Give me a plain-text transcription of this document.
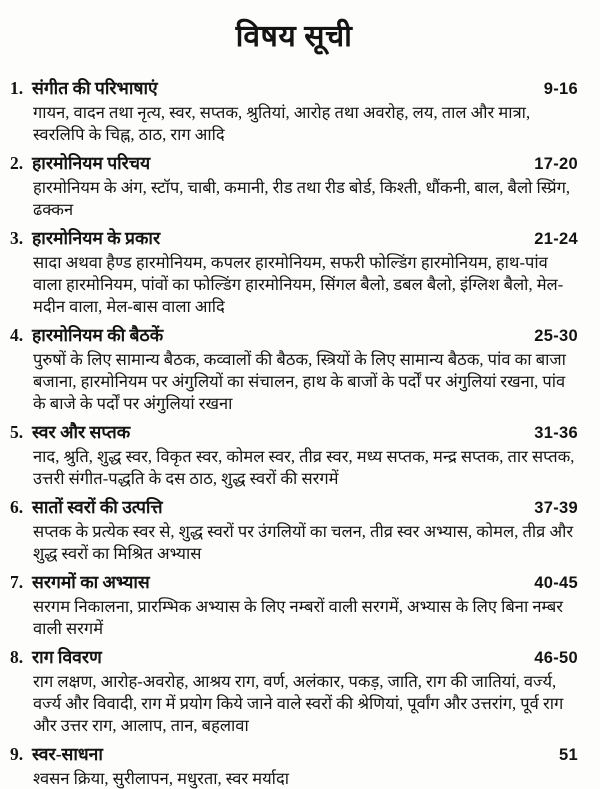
विषय सूची
1. संगीत की परिभाषाएं	9-16

गायन, वादन तथा नृत्य, स्वर, सप्तक, श्रुतियां, आरोह तथा अवरोह, लय, ताल और मात्रा, स्वरलिपि के चिह्न, ठाठ, राग आदि

2. हारमोनियम परिचय	17-20

हारमोनियम के अंग, स्टॉप, चाबी, कमानी, रीड तथा रीड बोर्ड, किश्ती, धौंकनी, बाल, बैलो स्प्रिंग, ढक्कन

3. हारमोनियम के प्रकार	21-24

सादा अथवा हैण्ड हारमोनियम, कपलर हारमोनियम, सफरी फोल्डिंग हारमोनियम, हाथ-पांव वाला हारमोनियम, पांवों का फोल्डिंग हारमोनियम, सिंगल बैलो, डबल बैलो, इंग्लिश बैलो, मेल-मदीन वाला, मेल-बास वाला आदि

4. हारमोनियम की बैठकें	25-30

पुरुषों के लिए सामान्य बैठक, कव्वालों की बैठक, स्त्रियों के लिए सामान्य बैठक, पांव का बाजा बजाना, हारमोनियम पर अंगुलियों का संचालन, हाथ के बाजों के पर्दों पर अंगुलियां रखना, पांव के बाजे के पर्दों पर अंगुलियां रखना

5. स्वर और सप्तक	31-36

नाद, श्रुति, शुद्ध स्वर, विकृत स्वर, कोमल स्वर, तीव्र स्वर, मध्य सप्तक, मन्द्र सप्तक, तार सप्तक, उत्तरी संगीत-पद्धति के दस ठाठ, शुद्ध स्वरों की सरगमें

6. सातों स्वरों की उत्पत्ति	37-39

सप्तक के प्रत्येक स्वर से, शुद्ध स्वरों पर उंगलियों का चलन, तीव्र स्वर अभ्यास, कोमल, तीव्र और शुद्ध स्वरों का मिश्रित अभ्यास

7. सरगमों का अभ्यास	40-45

सरगम निकालना, प्रारम्भिक अभ्यास के लिए नम्बरों वाली सरगमें, अभ्यास के लिए बिना नम्बर वाली सरगमें

8. राग विवरण	46-50

राग लक्षण, आरोह-अवरोह, आश्रय राग, वर्ण, अलंकार, पकड़, जाति, राग की जातियां, वर्ज्य, वर्ज्य और विवादी, राग में प्रयोग किये जाने वाले स्वरों की श्रेणियां, पूर्वांग और उत्तरांग, पूर्व राग और उत्तर राग, आलाप, तान, बहलावा

9. स्वर-साधना	51

श्वसन क्रिया, सुरीलापन, मधुरता, स्वर मर्यादा
